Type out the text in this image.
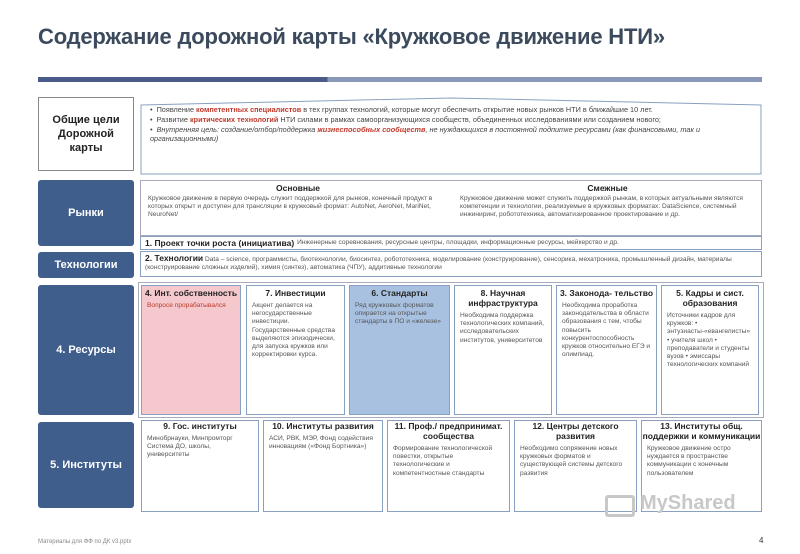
Содержание дорожной карты «Кружковое движение НТИ»
Общие цели Дорожной карты
• Появление компетентных специалистов в тех группах технологий, которые могут обеспечить открытие новых рынков НТИ в ближайшие 10 лет.
• Развитие критических технологий НТИ силами в рамках самоорганизующихся сообществ, объединенных исследованиями или созданием нового;
• Внутренняя цель: создание/отбор/поддержка жизнеспособных сообществ, не нуждающихся в постоянной подпитке ресурсами (как финансовыми, так и организационными)
Рынки
Основные
Кружковое движение в первую очередь служит поддержкой для рынков, конечный продукт в которых открыт и доступен для трансляции в кружковый формат: AutoNet, AeroNet, MariNet, NeuroNet/
Смежные
Кружковое движение может служить поддержкой рынкам, в которых актуальными являются компетенции и технологии, реализуемые в кружковых форматах: DataScience, системный инжиниринг, робототехника, автоматизированное проектирование и др.
1. Проект точки роста (инициатива) Инженерные соревнования, ресурсные центры, площадки, информационные ресурсы, мейкерство и др.
Технологии
2. Технологии Data – science, программисты, биотехнологии, биосинтез, робототехника, моделирование (конструирование), сенсорика, мехатроника, промышленный дизайн, материалы (конструирование сложных изделий), химия (синтез), автоматика (ЧПУ), аддитивные технологии
4. Ресурсы
4. Инт. собственность
Вопросе прорабатывался
7. Инвестиции
Акцент делается на негосударственные инвестиции. Государственные средства выделяются эпизодически, для запуска кружков или корректировки курса.
6. Стандарты
Ряд кружковых форматов опирается на открытые стандарты в ПО и «железе»
8. Научная инфраструктура
Необходима поддержка технологических компаний, исследовательских институтов, университетов
3. Законода- тельство
Необходима проработка законодательства в области образования с тем, чтобы повысить конкурентоспособность кружков относительно ЕГЭ и олимпиад.
5. Кадры и сист. образования
Источники кадров для кружков: • энтузиасты-«евангелисты» • учителя школ • преподаватели и студенты вузов • эмиссары технологических компаний
5. Институты
9. Гос. институты
Минобрнауки, Минпромторг Система ДО, школы, университеты
10. Институты развития
АСИ, РВК, МЭР, Фонд содействия инновациям («Фонд Бортника»)
11. Проф./ предпринимат. сообщества
Формирование технологической повестки, открытые технологические и компетентностные стандарты
12. Центры детского развития
Необходимо сопряжение новых кружковых форматов и существующей системы детского развития
13. Институты общ. поддержки и коммуникации
Кружковое движение остро нуждается в пространстве коммуникации с конечным пользователем
MyShared
Материалы для ФФ по ДК v3.pptx	4
